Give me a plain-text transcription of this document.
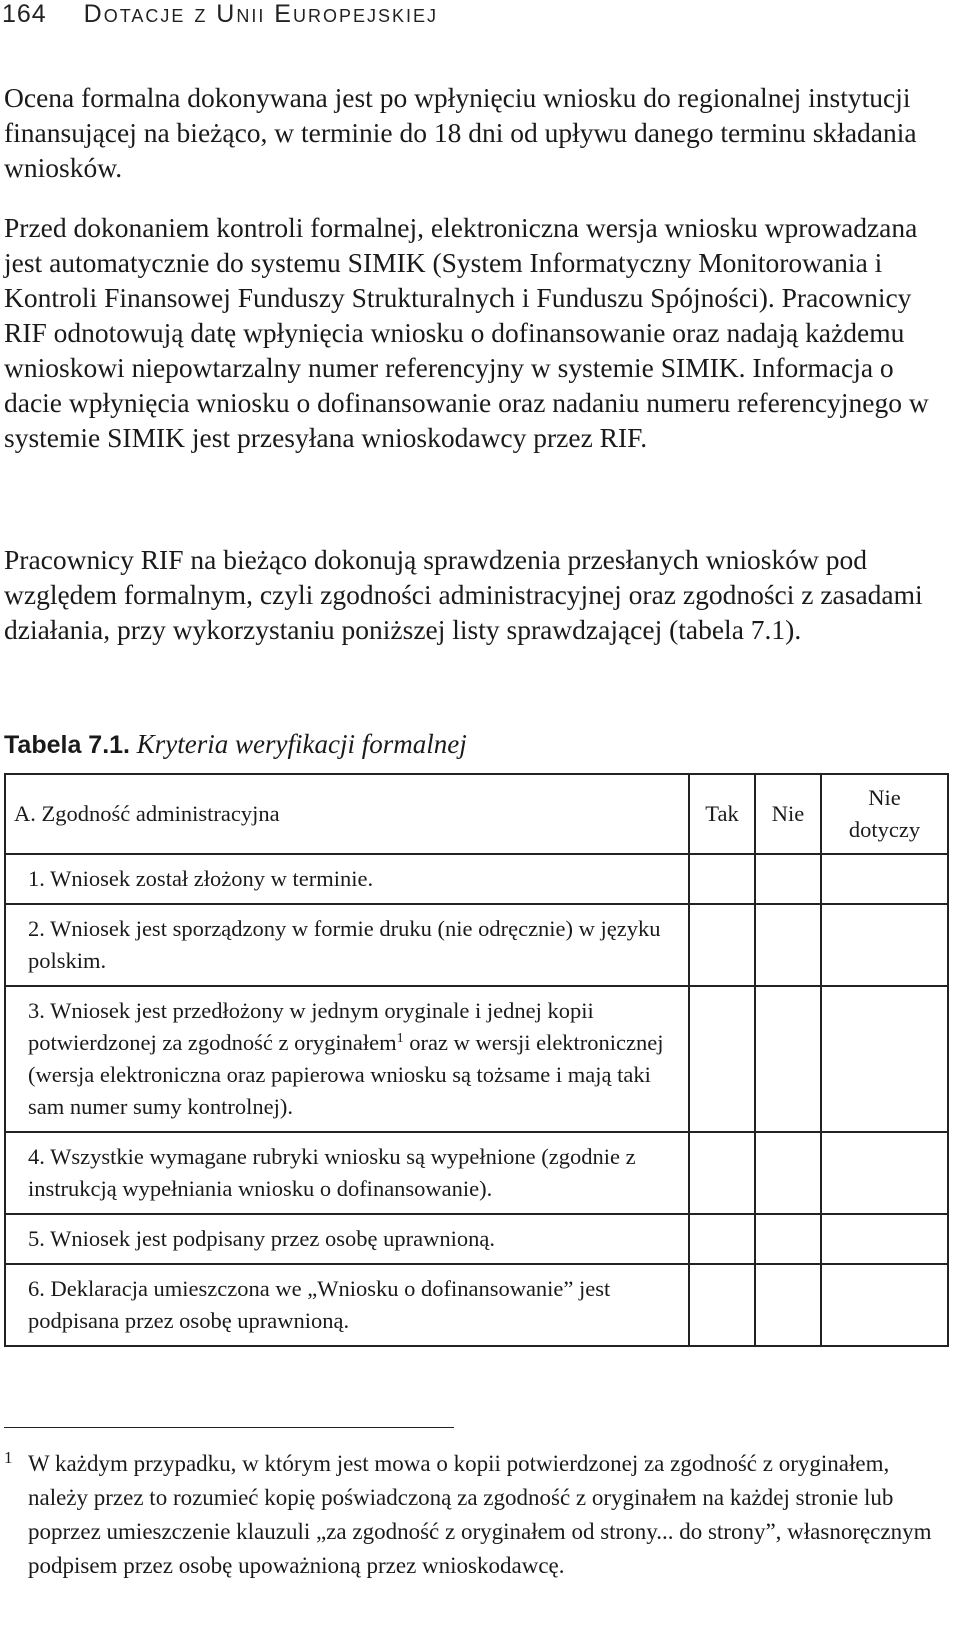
164 Dotacje z Unii Europejskiej

Ocena formalna dokonywana jest po wpłynięciu wniosku do regionalnej instytucji finansującej na bieżąco, w terminie do 18 dni od upływu danego terminu składania wniosków.

Przed dokonaniem kontroli formalnej, elektroniczna wersja wniosku wprowadzana jest automatycznie do systemu SIMIK (System Informatyczny Monitorowania i Kontroli Finansowej Funduszy Strukturalnych i Funduszu Spójności). Pracownicy RIF odnotowują datę wpłynięcia wniosku o dofinansowanie oraz nadają każdemu wnioskowi niepowtarzalny numer referencyjny w systemie SIMIK. Informacja o dacie wpłynięcia wniosku o dofinansowanie oraz nadaniu numeru referencyjnego w systemie SIMIK jest przesyłana wnioskodawcy przez RIF.

Pracownicy RIF na bieżąco dokonują sprawdzenia przesłanych wniosków pod względem formalnym, czyli zgodności administracyjnej oraz zgodności z zasadami działania, przy wykorzystaniu poniższej listy sprawdzającej (tabela 7.1).

Tabela 7.1. Kryteria weryfikacji formalnej
A. Zgodność administracyjna	Tak	Nie	Nie dotyczy
1. Wniosek został złożony w terminie.			
2. Wniosek jest sporządzony w formie druku (nie odręcznie) w języku polskim.			
3. Wniosek jest przedłożony w jednym oryginale i jednej kopii potwierdzonej za zgodność z oryginałem$^1$ oraz w wersji elektronicznej (wersja elektroniczna oraz papierowa wniosku są tożsame i mają taki sam numer sumy kontrolnej).			
4. Wszystkie wymagane rubryki wniosku są wypełnione (zgodnie z instrukcją wypełniania wniosku o dofinansowanie).			
5. Wniosek jest podpisany przez osobę uprawnioną.			
6. Deklaracja umieszczona we „Wniosku o dofinansowanie” jest podpisana przez osobę uprawnioną.			
1 W każdym przypadku, w którym jest mowa o kopii potwierdzonej za zgodność z oryginałem, należy przez to rozumieć kopię poświadczoną za zgodność z oryginałem na każdej stronie lub poprzez umieszczenie klauzuli „za zgodność z oryginałem od strony... do strony”, własnoręcznym podpisem przez osobę upoważnioną przez wnioskodawcę.
